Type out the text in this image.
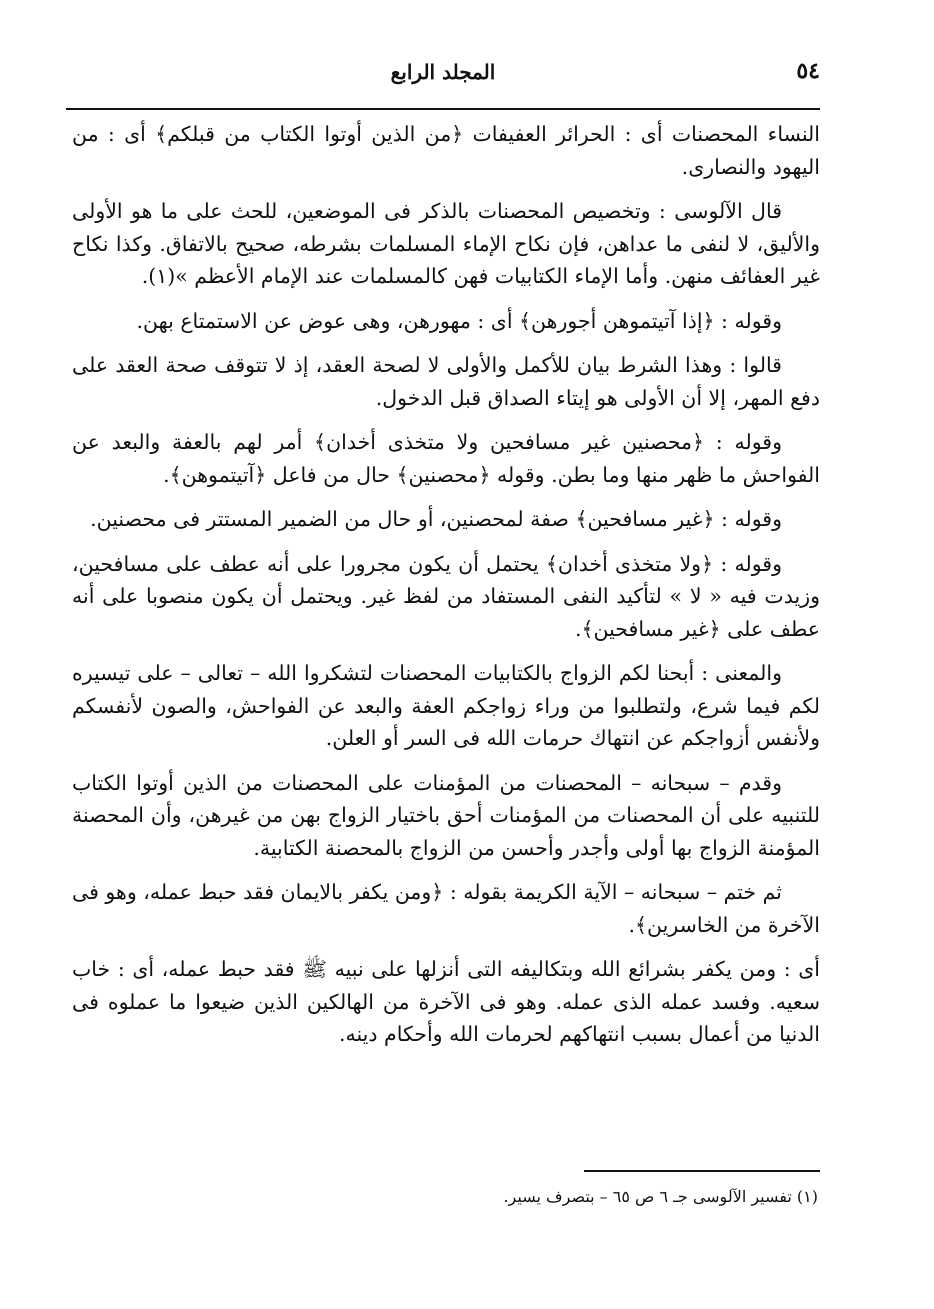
٥٤
المجلد الرابع

النساء المحصنات أى : الحرائر العفيفات ﴿من الذين أوتوا الكتاب من قبلكم﴾ أى : من اليهود والنصارى.

قال الآلوسى : وتخصيص المحصنات بالذكر فى الموضعين، للحث على ما هو الأولى والأليق، لا لنفى ما عداهن، فإن نكاح الإماء المسلمات بشرطه، صحيح بالاتفاق. وكذا نكاح غير العفائف منهن. وأما الإماء الكتابيات فهن كالمسلمات عند الإمام الأعظم »(١).

وقوله : ﴿إذا آتيتموهن أجورهن﴾ أى : مهورهن، وهى عوض عن الاستمتاع بهن.

قالوا : وهذا الشرط بيان للأكمل والأولى لا لصحة العقد، إذ لا تتوقف صحة العقد على دفع المهر، إلا أن الأولى هو إيتاء الصداق قبل الدخول.

وقوله : ﴿محصنين غير مسافحين ولا متخذى أخدان﴾ أمر لهم بالعفة والبعد عن الفواحش ما ظهر منها وما بطن. وقوله ﴿محصنين﴾ حال من فاعل ﴿آتيتموهن﴾.

وقوله : ﴿غير مسافحين﴾ صفة لمحصنين، أو حال من الضمير المستتر فى محصنين.

وقوله : ﴿ولا متخذى أخدان﴾ يحتمل أن يكون مجرورا على أنه عطف على مسافحين، وزيدت فيه « لا » لتأكيد النفى المستفاد من لفظ غير. ويحتمل أن يكون منصوبا على أنه عطف على ﴿غير مسافحين﴾.

والمعنى : أبحنا لكم الزواج بالكتابيات المحصنات لتشكروا الله – تعالى – على تيسيره لكم فيما شرع، ولتطلبوا من وراء زواجكم العفة والبعد عن الفواحش، والصون لأنفسكم ولأنفس أزواجكم عن انتهاك حرمات الله فى السر أو العلن.

وقدم – سبحانه – المحصنات من المؤمنات على المحصنات من الذين أوتوا الكتاب للتنبيه على أن المحصنات من المؤمنات أحق باختيار الزواج بهن من غيرهن، وأن المحصنة المؤمنة الزواج بها أولى وأجدر وأحسن من الزواج بالمحصنة الكتابية.

ثم ختم – سبحانه – الآية الكريمة بقوله : ﴿ومن يكفر بالايمان فقد حبط عمله، وهو فى الآخرة من الخاسرين﴾.

أى : ومن يكفر بشرائع الله وبتكاليفه التى أنزلها على نبيه ﷺ فقد حبط عمله، أى : خاب سعيه. وفسد عمله الذى عمله. وهو فى الآخرة من الهالكين الذين ضيعوا ما عملوه فى الدنيا من أعمال بسبب انتهاكهم لحرمات الله وأحكام دينه.

(١) تفسير الآلوسى جـ ٦ ص ٦٥ – بتصرف يسير.
